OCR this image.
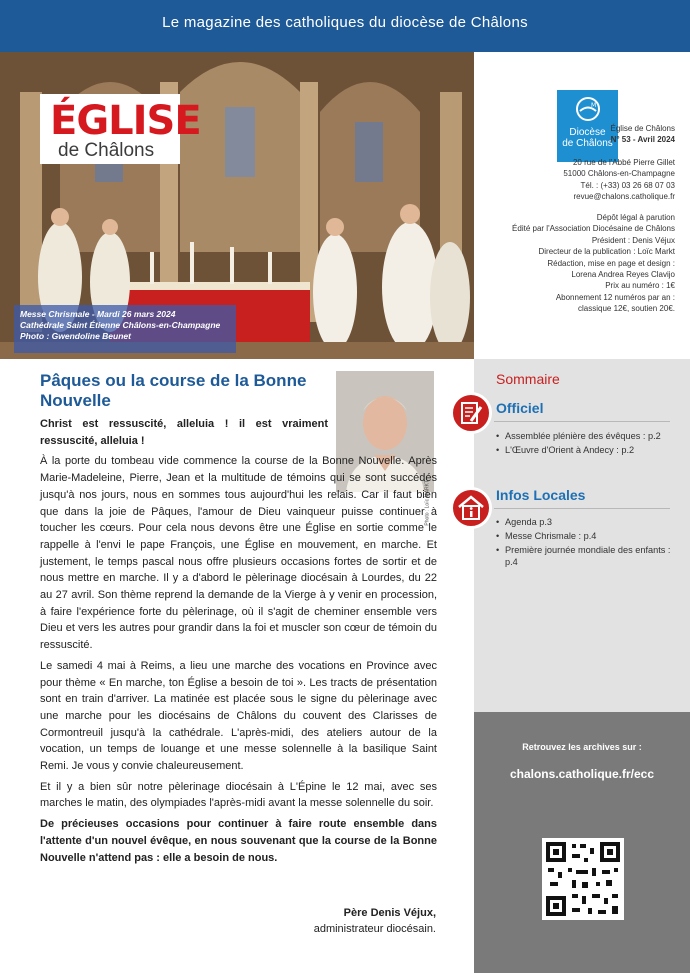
Le magazine des catholiques du diocèse de Châlons
ÉGLISE
de Châlons
Messe Chrismale - Mardi 26 mars 2024
Cathédrale Saint Étienne Châlons-en-Champagne
Photo : Gwendoline Beunet
M
Diocèse
de Châlons
Église de Châlons
N° 53 - Avril 2024
20 rue de l'Abbé Pierre Gillet
51000 Châlons-en-Champagne
Tél. : (+33) 03 26 68 07 03
revue@chalons.catholique.fr
Dépôt légal à parution
Édité par l'Association Diocésaine de Châlons
Président : Denis Véjux
Directeur de la publication : Loïc Markt
Rédaction, mise en page et design :
Lorena Andrea Reyes Clavijo
Prix au numéro : 1€
Abonnement 12 numéros par an :
classique 12€, soutien 20€.
Pâques ou la course de la Bonne Nouvelle
Photo : Loïc MARKT

Christ est ressuscité, alleluia ! il est vraiment ressuscité, alleluia !

À la porte du tombeau vide commence la course de la Bonne Nouvelle. Après Marie-Madeleine, Pierre, Jean et la multitude de témoins qui se sont succédés jusqu'à nos jours, nous en sommes tous aujourd'hui les relais. Car il faut bien que dans la joie de Pâques, l'amour de Dieu vainqueur puisse continuer à toucher les cœurs. Pour cela nous devons être une Église en sortie comme le rappelle à l'envi le pape François, une Église en mouvement, en marche. Et justement, le temps pascal nous offre plusieurs occasions fortes de sortir et de nous mettre en marche. Il y a d'abord le pèlerinage diocésain à Lourdes, du 22 au 27 avril. Son thème reprend la demande de la Vierge à y venir en procession, à faire l'expérience forte du pèlerinage, où il s'agit de cheminer ensemble vers Dieu et vers les autres pour grandir dans la foi et muscler son cœur de témoin du ressuscité.

Le samedi 4 mai à Reims, a lieu une marche des vocations en Province avec pour thème « En marche, ton Église a besoin de toi ». Les tracts de présentation sont en train d'arriver. La matinée est placée sous le signe du pèlerinage avec une marche pour les diocésains de Châlons du couvent des Clarisses de Cormontreuil jusqu'à la cathédrale. L'après-midi, des ateliers autour de la vocation, un temps de louange et une messe solennelle à la basilique Saint Remi. Je vous y convie chaleureusement.

Et il y a bien sûr notre pèlerinage diocésain à L'Épine le 12 mai, avec ses marches le matin, des olympiades l'après-midi avant la messe solennelle du soir.

De précieuses occasions pour continuer à faire route ensemble dans l'attente d'un nouvel évêque, en nous souvenant que la course de la Bonne Nouvelle n'attend pas : elle a besoin de nous.

Père Denis Véjux,
administrateur diocésain.
Sommaire
Officiel
• Assemblée plénière des évêques : p.2
• L'Œuvre d'Orient à Andecy : p.2
Infos Locales
• Agenda p.3
• Messe Chrismale : p.4
• Première journée mondiale des enfants : p.4
Retrouvez les archives sur :
chalons.catholique.fr/ecc
